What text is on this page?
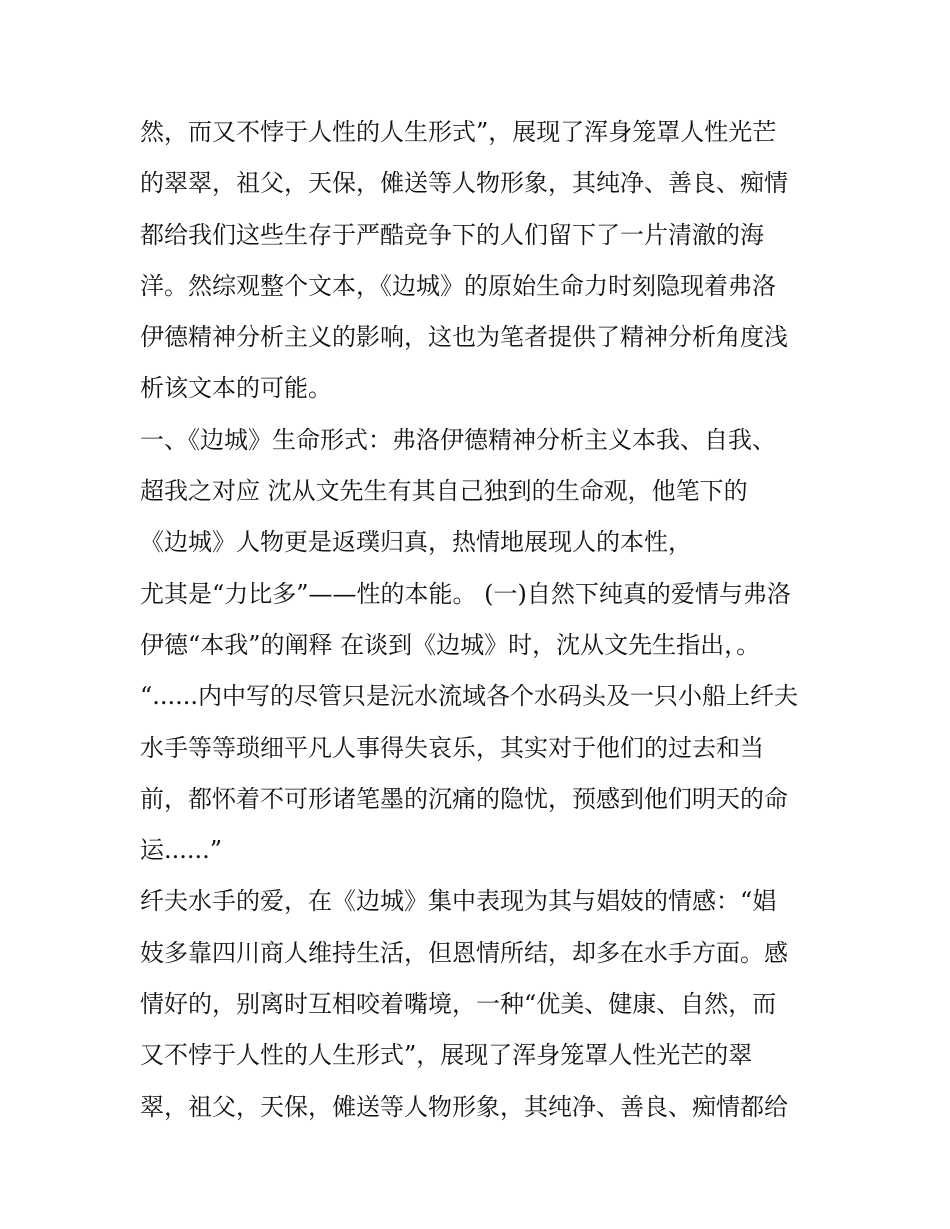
然，而又不悖于人性的人生形式”，展现了浑身笼罩人性光芒
的翠翠，祖父，天保，傩送等人物形象，其纯净、善良、痴情
都给我们这些生存于严酷竞争下的人们留下了一片清澈的海
洋。然综观整个文本，《边城》的原始生命力时刻隐现着弗洛
伊德精神分析主义的影响，这也为笔者提供了精神分析角度浅
析该文本的可能。
一、《边城》生命形式：弗洛伊德精神分析主义本我、自我、
超我之对应 沈从文先生有其自己独到的生命观，他笔下的
《边城》人物更是返璞归真，热情地展现人的本性，
尤其是“力比多”——性的本能。 (一)自然下纯真的爱情与弗洛
伊德“本我”的阐释 在谈到《边城》时，沈从文先生指出，。
“......内中写的尽管只是沅水流域各个水码头及一只小船上纤夫
水手等等琐细平凡人事得失哀乐，其实对于他们的过去和当
前，都怀着不可形诸笔墨的沉痛的隐忧，预感到他们明天的命
运......”
纤夫水手的爱，在《边城》集中表现为其与娼妓的情感：“娼
妓多靠四川商人维持生活，但恩情所结，却多在水手方面。感
情好的，别离时互相咬着嘴境，一种“优美、健康、自然，而
又不悖于人性的人生形式”，展现了浑身笼罩人性光芒的翠
翠，祖父，天保，傩送等人物形象，其纯净、善良、痴情都给
